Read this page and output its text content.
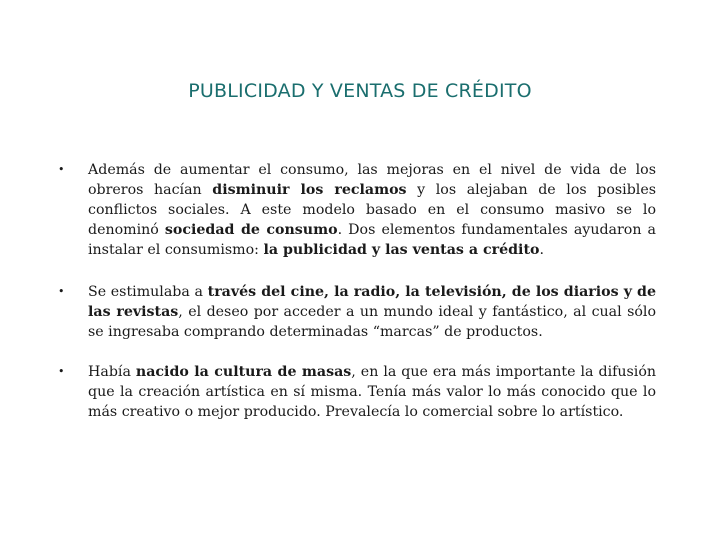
PUBLICIDAD Y VENTAS DE CRÉDITO
• Además de aumentar el consumo, las mejoras en el nivel de vida de los obreros hacían disminuir los reclamos y los alejaban de los posibles conflictos sociales. A este modelo basado en el consumo masivo se lo denominó sociedad de consumo. Dos elementos fundamentales ayudaron a instalar el consumismo: la publicidad y las ventas a crédito.
• Se estimulaba a través del cine, la radio, la televisión, de los diarios y de las revistas, el deseo por acceder a un mundo ideal y fantástico, al cual sólo se ingresaba comprando determinadas “marcas” de productos.
• Había nacido la cultura de masas, en la que era más importante la difusión que la creación artística en sí misma. Tenía más valor lo más conocido que lo más creativo o mejor producido. Prevalecía lo comercial sobre lo artístico.
